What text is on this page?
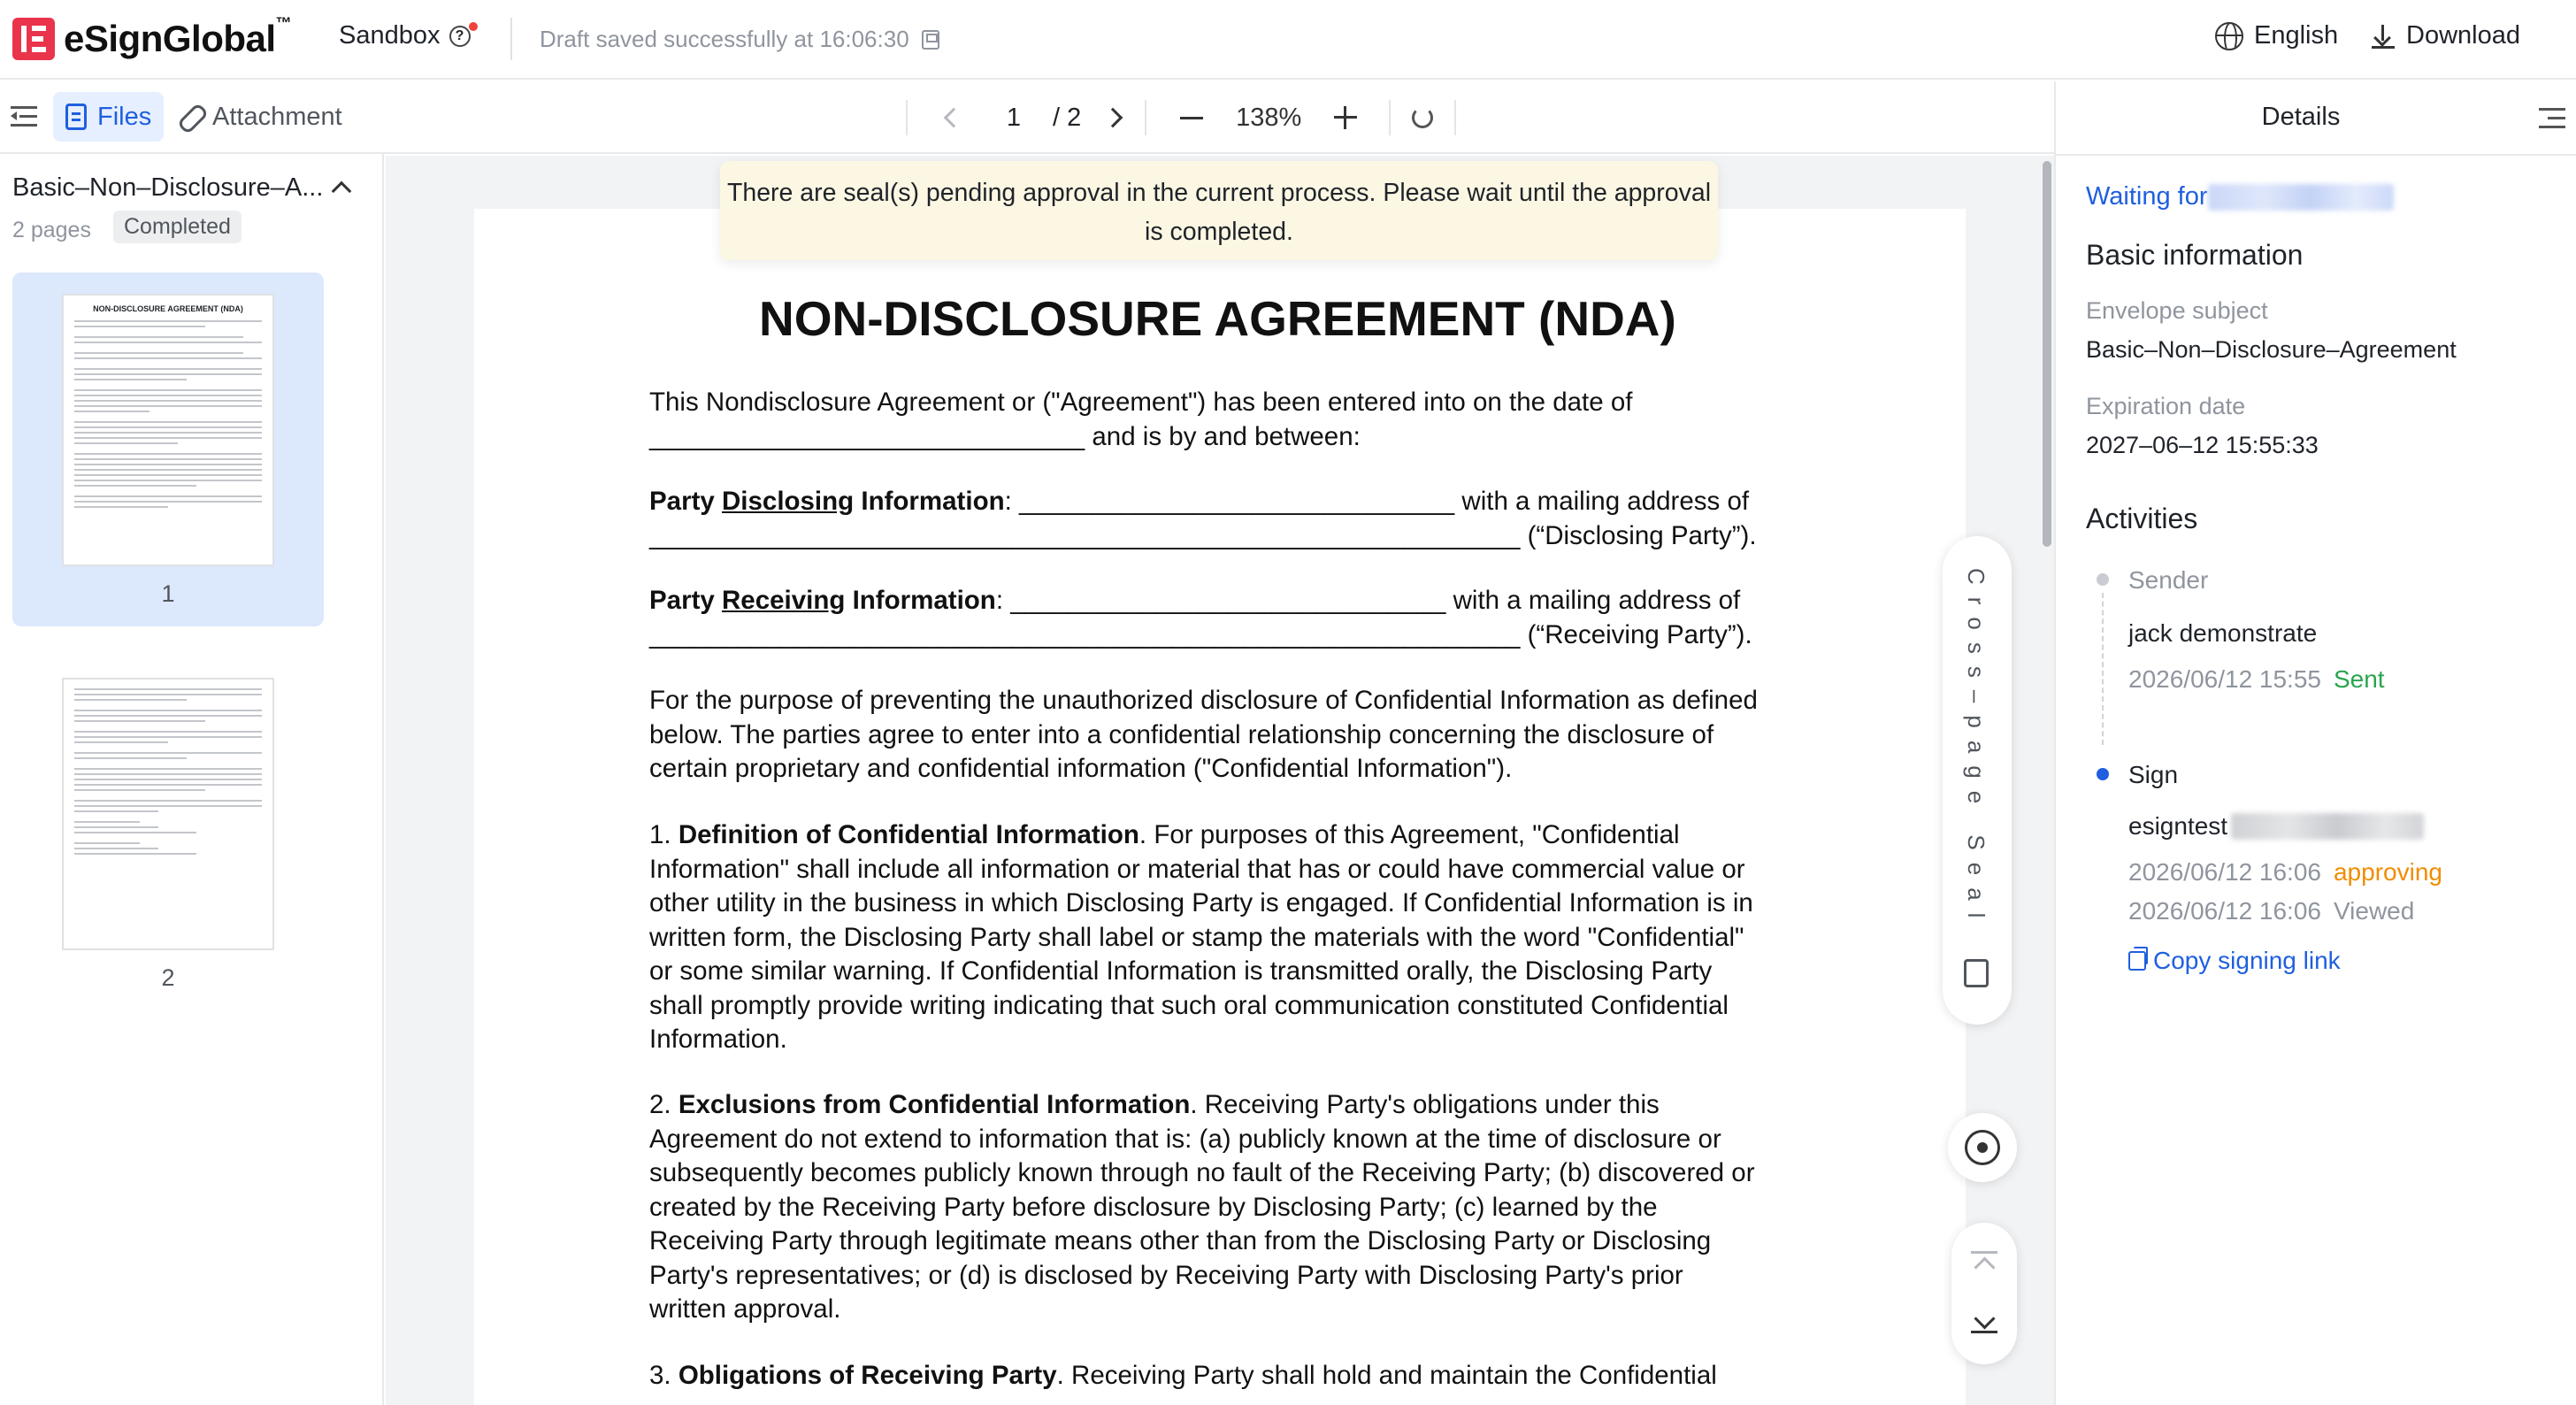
eSignGlobal™ Sandbox ?	Draft saved successfully at 16:06:30	English	Download
Files Attachment	1	/ 2	138%
Basic–Non–Disclosure–A...
2 pages	Completed
NON-DISCLOSURE AGREEMENT (NDA)
1
2
NON-DISCLOSURE AGREEMENT (NDA)
This Nondisclosure Agreement or ("Agreement") has been entered into on the date of
______________________________ and is by and between:
Party Disclosing Information: ______________________________ with a mailing address of
____________________________________________________________ (“Disclosing Party”).
Party Receiving Information: ______________________________ with a mailing address of
____________________________________________________________ (“Receiving Party”).
For the purpose of preventing the unauthorized disclosure of Confidential Information as defined
below. The parties agree to enter into a confidential relationship concerning the disclosure of
certain proprietary and confidential information ("Confidential Information").
1. Definition of Confidential Information. For purposes of this Agreement, "Confidential
Information" shall include all information or material that has or could have commercial value or
other utility in the business in which Disclosing Party is engaged. If Confidential Information is in
written form, the Disclosing Party shall label or stamp the materials with the word "Confidential"
or some similar warning. If Confidential Information is transmitted orally, the Disclosing Party
shall promptly provide writing indicating that such oral communication constituted Confidential
Information.
2. Exclusions from Confidential Information. Receiving Party's obligations under this
Agreement do not extend to information that is: (a) publicly known at the time of disclosure or
subsequently becomes publicly known through no fault of the Receiving Party; (b) discovered or
created by the Receiving Party before disclosure by Disclosing Party; (c) learned by the
Receiving Party through legitimate means other than from the Disclosing Party or Disclosing
Party's representatives; or (d) is disclosed by Receiving Party with Disclosing Party's prior
written approval.
3. Obligations of Receiving Party. Receiving Party shall hold and maintain the Confidential
There are seal(s) pending approval in the current process. Please wait until the approval is completed.
Cross–page Seal
Details
Waiting for
Basic information
Envelope subject
Basic–Non–Disclosure–Agreement
Expiration date
2027–06–12 15:55:33
Activities
Sender
jack demonstrate
2026/06/12 15:55 Sent
Sign
esigntest
2026/06/12 16:06 approving
2026/06/12 16:06 Viewed
Copy signing link
